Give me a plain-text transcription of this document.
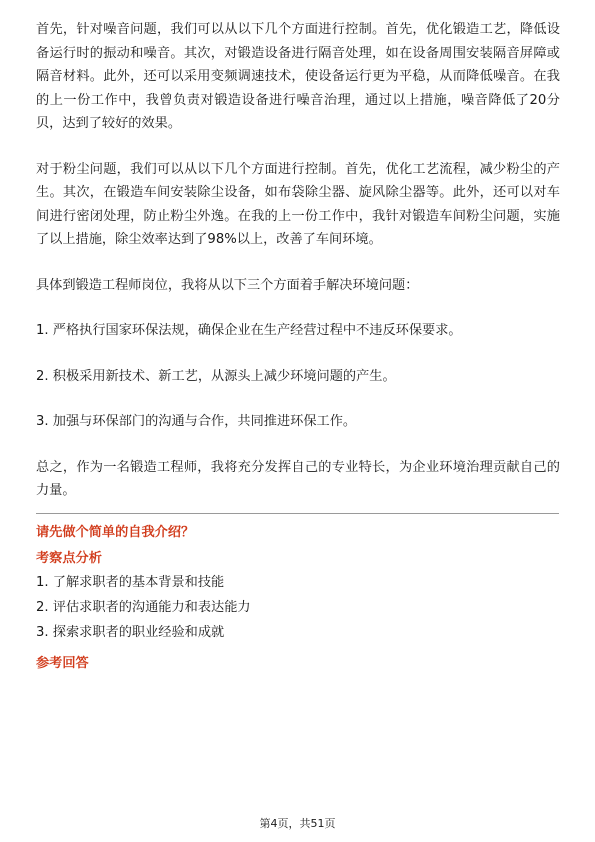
首先，针对噪音问题，我们可以从以下几个方面进行控制。首先，优化锻造工艺，降低设备运行时的振动和噪音。其次，对锻造设备进行隔音处理，如在设备周围安装隔音屏障或隔音材料。此外，还可以采用变频调速技术，使设备运行更为平稳，从而降低噪音。在我的上一份工作中，我曾负责对锻造设备进行噪音治理，通过以上措施，噪音降低了20分贝，达到了较好的效果。

对于粉尘问题，我们可以从以下几个方面进行控制。首先，优化工艺流程，减少粉尘的产生。其次，在锻造车间安装除尘设备，如布袋除尘器、旋风除尘器等。此外，还可以对车间进行密闭处理，防止粉尘外逸。在我的上一份工作中，我针对锻造车间粉尘问题，实施了以上措施，除尘效率达到了98%以上，改善了车间环境。

具体到锻造工程师岗位，我将从以下三个方面着手解决环境问题：

1. 严格执行国家环保法规，确保企业在生产经营过程中不违反环保要求。

2. 积极采用新技术、新工艺，从源头上减少环境问题的产生。

3. 加强与环保部门的沟通与合作，共同推进环保工作。

总之，作为一名锻造工程师，我将充分发挥自己的专业特长，为企业环境治理贡献自己的力量。

请先做个简单的自我介绍？

考察点分析

1. 了解求职者的基本背景和技能

2. 评估求职者的沟通能力和表达能力

3. 探索求职者的职业经验和成就

参考回答

第4页，共51页
